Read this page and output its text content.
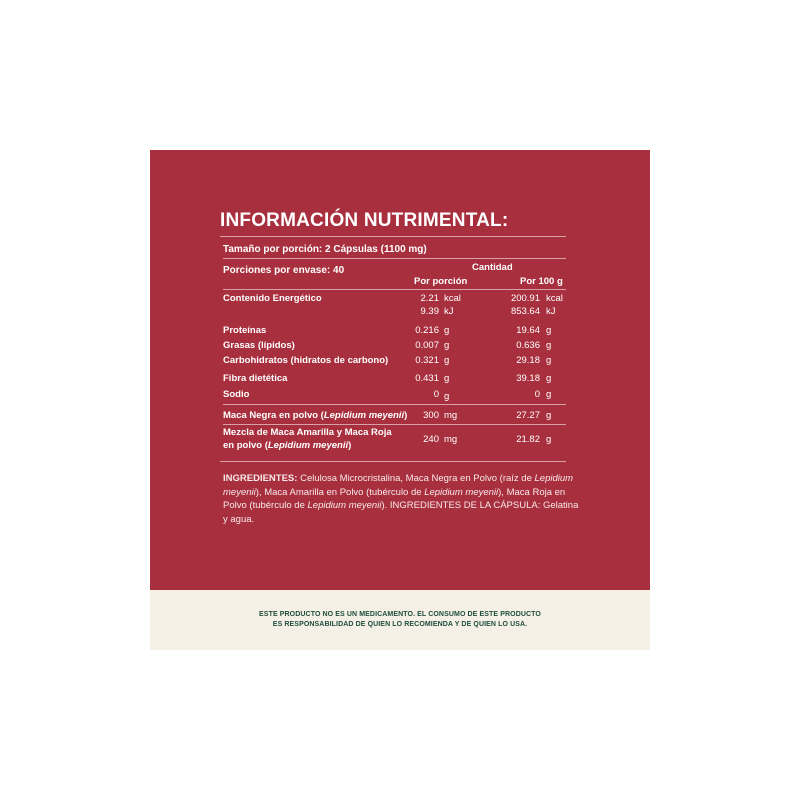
INFORMACIÓN NUTRIMENTAL:
Tamaño por porción: 2 Cápsulas (1100 mg)
Porciones por envase: 40	Cantidad
Por porción	Por 100 g
Contenido Energético	2.21 kcal	200.91 kcal
9.39 kJ	853.64 kJ
Proteínas	0.216 g	19.64 g
Grasas (lípidos)	0.007 g	0.636 g
Carbohidratos (hidratos de carbono)	0.321 g	29.18 g
Fibra dietética	0.431 g	39.18 g
Sodio	0 g	0 g
Maca Negra en polvo (Lepidium meyenii)	300 mg	27.27 g
Mezcla de Maca Amarilla y Maca Roja
en polvo (Lepidium meyenii)
240 mg	21.82 g
INGREDIENTES: Celulosa Microcristalina, Maca Negra en Polvo (raíz de Lepidium meyenii), Maca Amarilla en Polvo (tubérculo de Lepidium meyenii), Maca Roja en Polvo (tubérculo de Lepidium meyenii). INGREDIENTES DE LA CÁPSULA: Gelatina y agua.
ESTE PRODUCTO NO ES UN MEDICAMENTO. EL CONSUMO DE ESTE PRODUCTO
ES RESPONSABILIDAD DE QUIEN LO RECOMIENDA Y DE QUIEN LO USA.
